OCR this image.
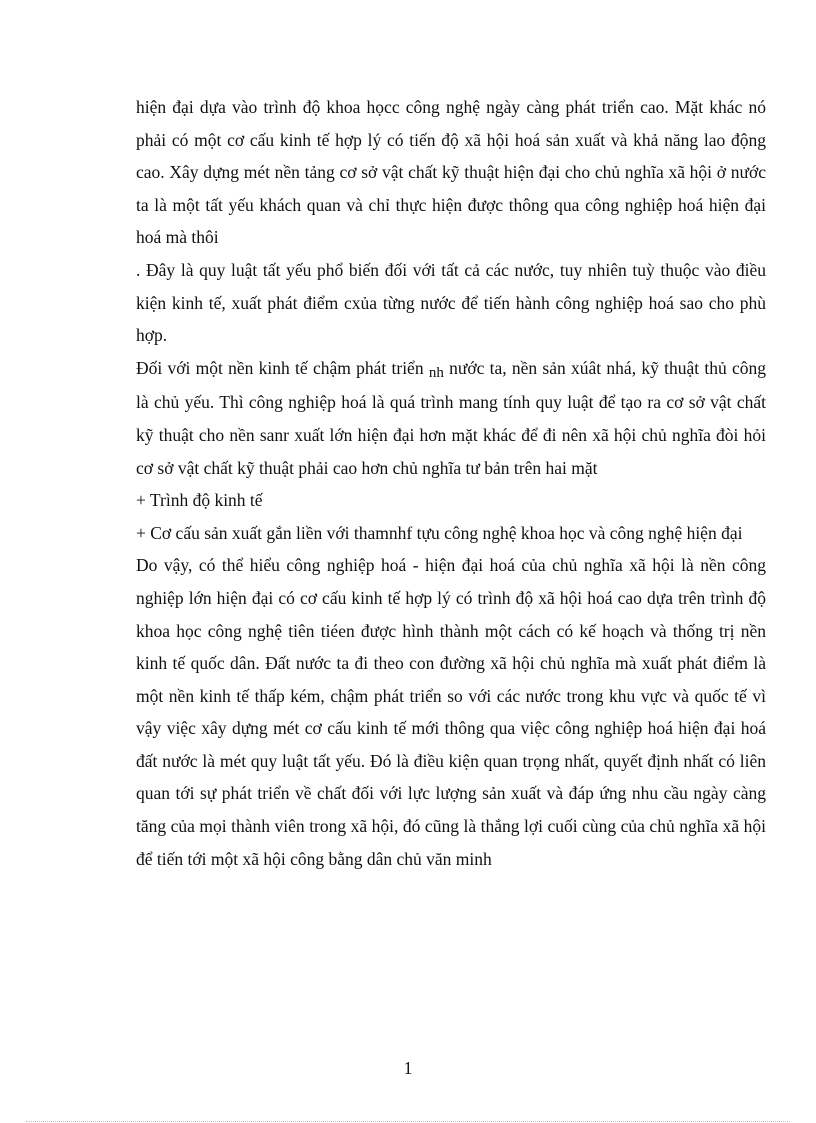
hiện đại dựa vào trình độ khoa họcc công nghệ ngày càng phát triển cao. Mặt khác nó phải có một cơ cấu kinh tế hợp lý có tiến độ xã hội hoá sản xuất và khả năng lao động cao. Xây dựng mét nền tảng cơ sở vật chất kỹ thuật hiện đại cho chủ nghĩa xã hội ở nước ta là một tất yếu khách quan và chỉ thực hiện được thông qua công nghiệp hoá hiện đại hoá mà thôi

. Đây là quy luật tất yếu phổ biến đối với tất cả các nước, tuy nhiên tuỳ thuộc vào điều kiện kinh tế, xuất phát điểm cxủa từng nước để tiến hành công nghiệp hoá sao cho phù hợp.

Đối với một nền kinh tế chậm phát triển nh nước ta, nền sản xúât nhá, kỹ thuật thủ công là chủ yếu. Thì công nghiệp hoá là quá trình mang tính quy luật để tạo ra cơ sở vật chất kỹ thuật cho nền sanr xuất lớn hiện đại hơn mặt khác để đi nên xã hội chủ nghĩa đòi hỏi cơ sở vật chất kỹ thuật phải cao hơn chủ nghĩa tư bản trên hai mặt

+ Trình độ kinh tế

+ Cơ cấu sản xuất gắn liền với thamnhf tựu công nghệ khoa học và công nghệ hiện đại

Do vậy, có thể hiểu công nghiệp hoá - hiện đại hoá của chủ nghĩa xã hội là nền công nghiệp lớn hiện đại có cơ cấu kinh tế hợp lý có trình độ xã hội hoá cao dựa trên trình độ khoa học công nghệ tiên tiéen được hình thành một cách có kế hoạch và thống trị nền kinh tế quốc dân. Đất nước ta đi theo con đường xã hội chủ nghĩa mà xuất phát điểm là một nền kinh tế thấp kém, chậm phát triển so với các nước trong khu vực và quốc tế vì vậy việc xây dựng mét cơ cấu kinh tế mới thông qua việc công nghiệp hoá hiện đại hoá đất nước là mét quy luật tất yếu. Đó là điều kiện quan trọng nhất, quyết định nhất có liên quan tới sự phát triển về chất đối với lực lượng sản xuất và đáp ứng nhu cầu ngày càng tăng của mọi thành viên trong xã hội, đó cũng là thắng lợi cuối cùng của chủ nghĩa xã hội để tiến tới một xã hội công bằng dân chủ văn minh

1
